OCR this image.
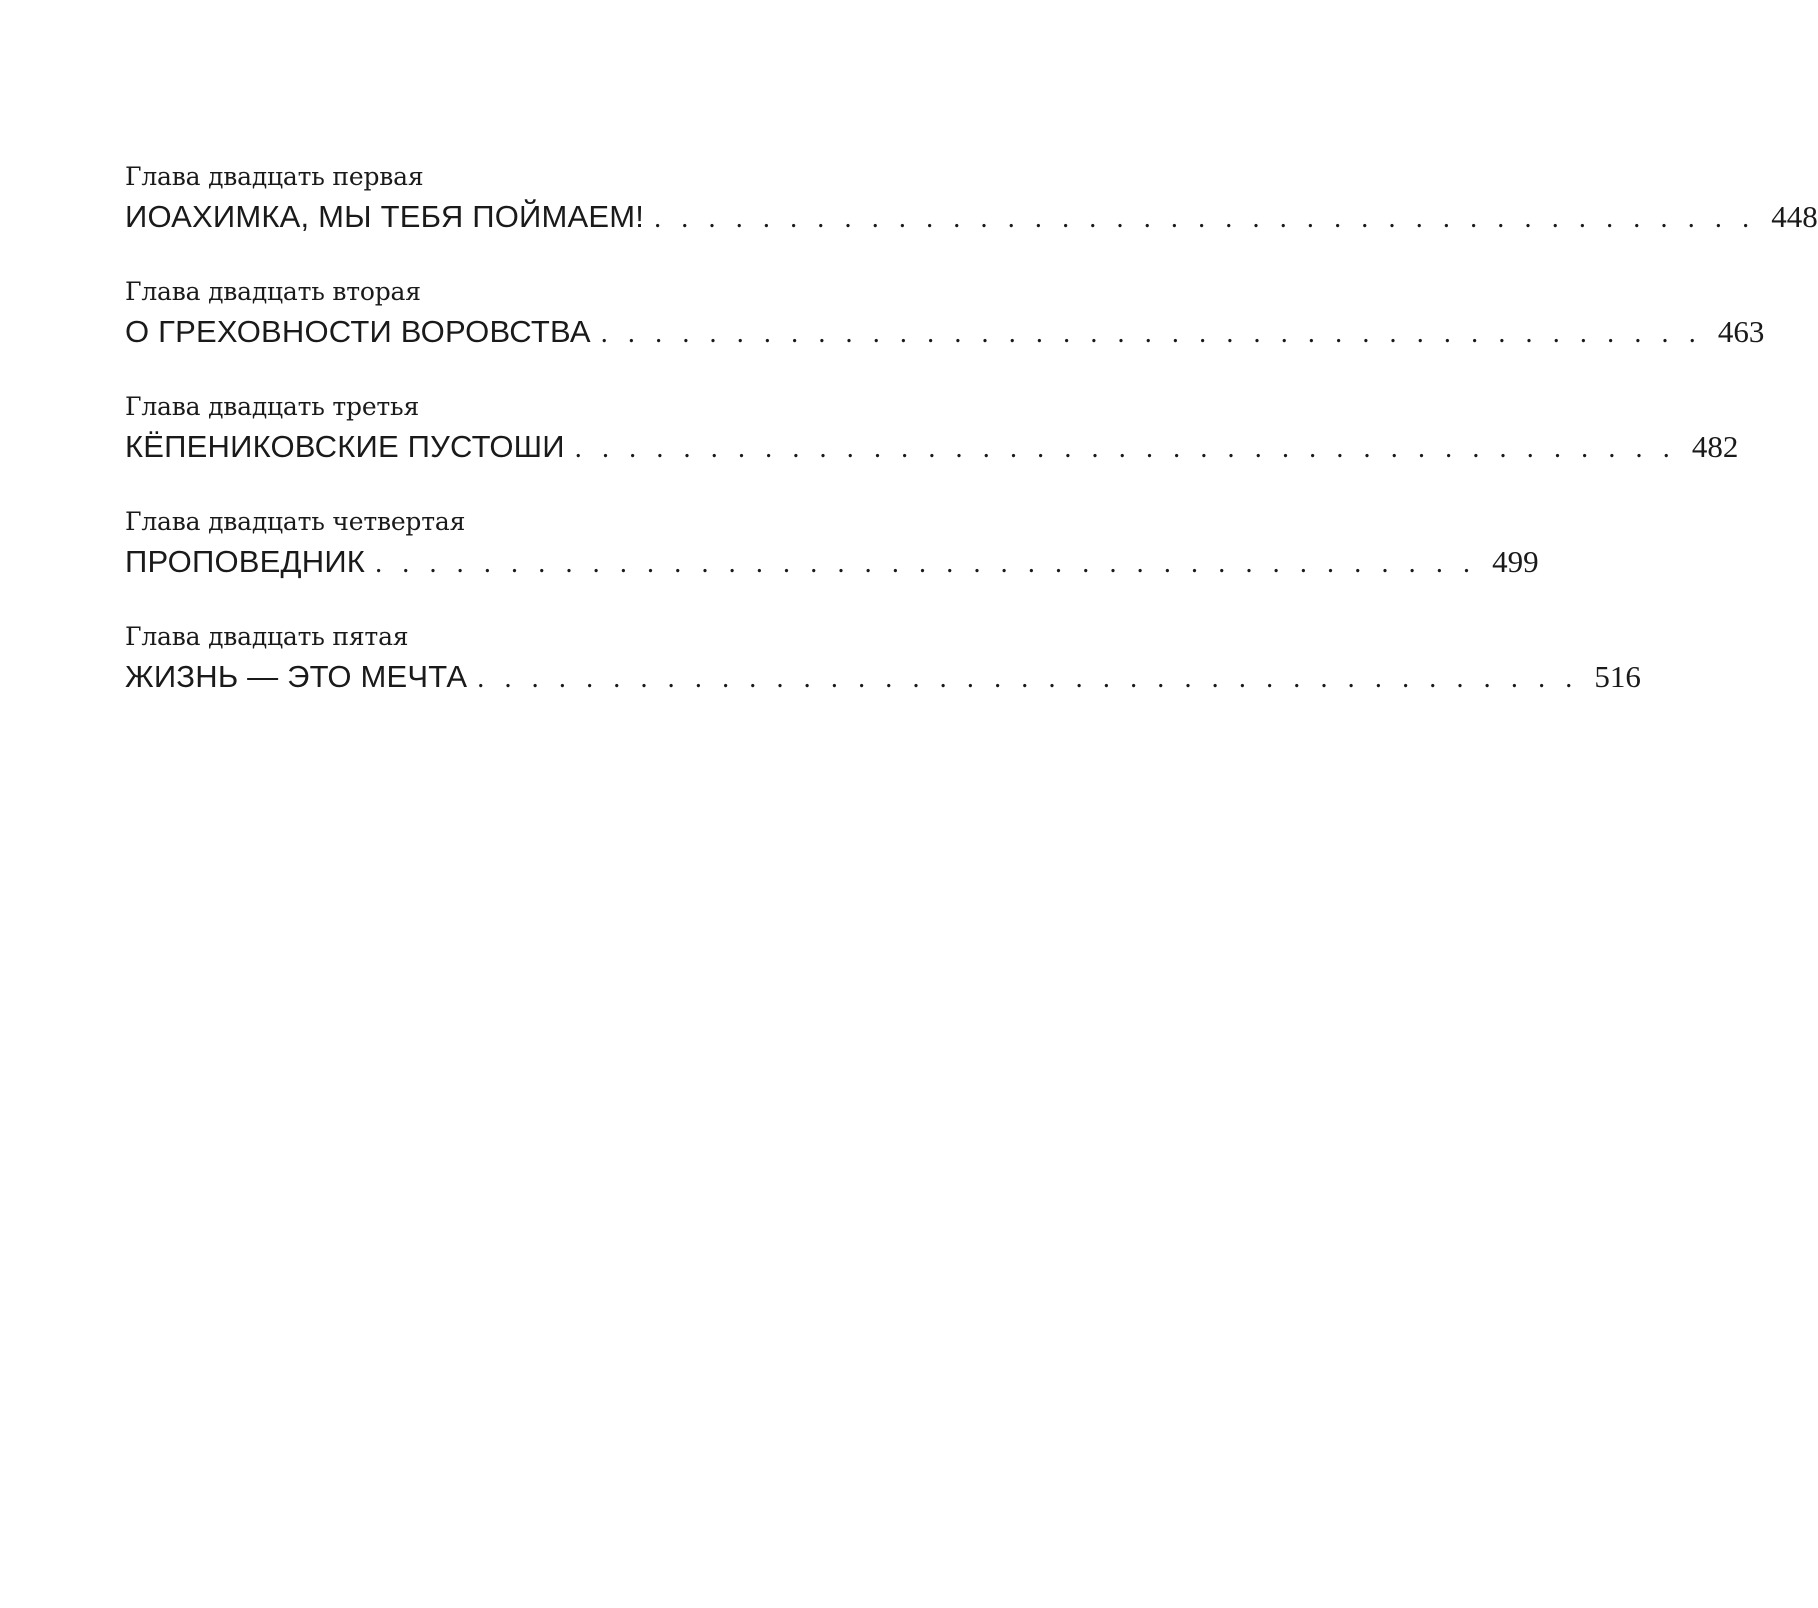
Глава двадцать первая
ИОАХИМКА, МЫ ТЕБЯ ПОЙМАЕМ! . . . . . . . . . . . . . . . . . . . . . . . . . . . . . . . . . . . . . . . . . 448
Глава двадцать вторая
О ГРЕХОВНОСТИ ВОРОВСТВА . . . . . . . . . . . . . . . . . . . . . . . . . . . . . . . . . . . . . . . . . 463
Глава двадцать третья
КЁПЕНИКОВСКИЕ ПУСТОШИ . . . . . . . . . . . . . . . . . . . . . . . . . . . . . . . . . . . . . . . . . 482
Глава двадцать четвертая
ПРОПОВЕДНИК . . . . . . . . . . . . . . . . . . . . . . . . . . . . . . . . . . . . . . . . . 499
Глава двадцать пятая
ЖИЗНЬ — ЭТО МЕЧТА . . . . . . . . . . . . . . . . . . . . . . . . . . . . . . . . . . . . . . . . . 516
